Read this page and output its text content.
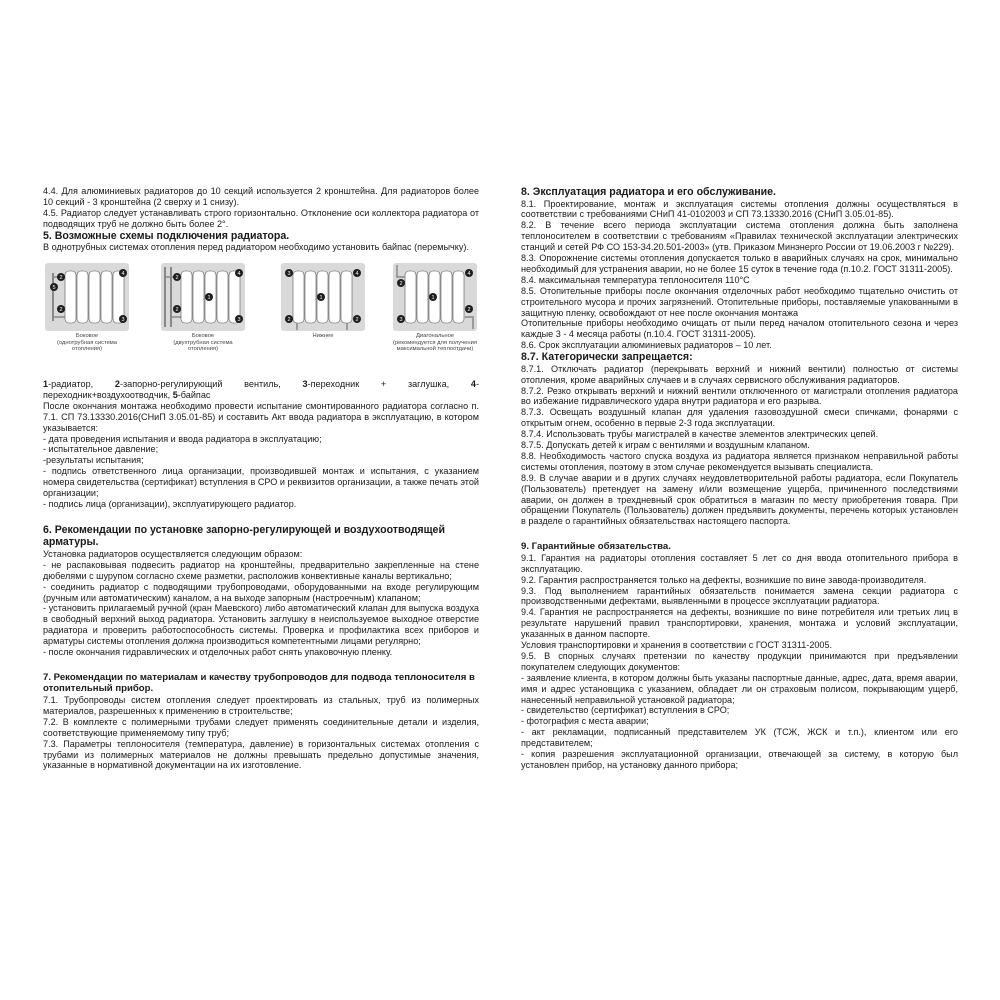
4.4. Для алюминиевых радиаторов до 10 секций используется 2 кронштейна. Для радиаторов более 10 секций - 3 кронштейна (2 сверху и 1 снизу).

4.5. Радиатор следует устанавливать строго горизонтально. Отклонение оси коллектора радиатора от подводящих труб не должно быть более 2°.

5. Возможные схемы подключения радиатора.

В однотрубных системах отопления перед радиатором необходимо установить байпас (перемычку).

5
2
2
4
3
Боковое
(однотрубная система отопления)
2
2
1
4
3
Боковое
(двухтрубная система отопления)
3	4
1
2	2
Нижнее
2
4
1
3
2
Диагональное
(рекомендуется для получения максимальной теплоотдачи)

1-радиатор, 2-запорно-регулирующий вентиль, 3-переходник + заглушка, 4-переходник+воздухоотводчик, 5-байпас

После окончания монтажа необходимо провести испытание смонтированного радиатора согласно п. 7.1. СП 73.13330.2016(СНиП 3.05.01-85) и составить Акт ввода радиатора в эксплуатацию, в котором указывается:

- дата проведения испытания и ввода радиатора в эксплуатацию;

- испытательное давление;

-результаты испытания;

- подпись ответственного лица организации, производившей монтаж и испытания, с указанием номера свидетельства (сертификат) вступления в СРО и реквизитов организации, а также печать этой организации;

- подпись лица (организации), эксплуатирующего радиатор.

6. Рекомендации по установке запорно-регулирующей и воздухоотводящей арматуры.

Установка радиаторов осуществляется следующим образом:

- не распаковывая подвесить радиатор на кронштейны, предварительно закрепленные на стене дюбелями с шурупом согласно схеме разметки, расположив конвективные каналы вертикально;

- соединить радиатор с подводящими трубопроводами, оборудованными на входе регулирующим (ручным или автоматическим) каналом, а на выходе запорным (настроечным) клапаном;

- установить прилагаемый ручной (кран Маевского) либо автоматический клапан для выпуска воздуха в свободный верхний выход радиатора. Установить заглушку в неиспользуемое выходное отверстие радиатора и проверить работоспособность системы. Проверка и профилактика всех приборов и арматуры системы отопления должна производиться компетентными лицами регулярно;

- после окончания гидравлических и отделочных работ снять упаковочную пленку.

7. Рекомендации по материалам и качеству трубопроводов для подвода теплоносителя в отопительный прибор.

7.1. Трубопроводы систем отопления следует проектировать из стальных, труб из полимерных материалов, разрешенных к применению в строительстве;

7.2. В комплекте с полимерными трубами следует применять соединительные детали и изделия, соответствующие применяемому типу труб;

7.3. Параметры теплоносителя (температура, давление) в горизонтальных системах отопления с трубами из полимерных материалов не должны превышать предельно допустимые значения, указанные в нормативной документации на их изготовление.

8. Эксплуатация радиатора и его обслуживание.

8.1. Проектирование, монтаж и эксплуатация системы отопления должны осуществляться в соответствии с требованиями СНиП 41-0102003 и СП 73.13330.2016 (СНиП 3.05.01-85).

8.2. В течение всего периода эксплуатации система отопления должна быть заполнена теплоносителем в соответствии с требованиям «Правилах технической эксплуатации электрических станций и сетей РФ СО 153-34.20.501-2003» (утв. Приказом Минэнерго России от 19.06.2003 г №229).

8.3. Опорожнение системы отопления допускается только в аварийных случаях на срок, минимально необходимый для устранения аварии, но не более 15 суток в течение года (п.10.2. ГОСТ 31311-2005).

8.4. максимальная температура теплоносителя 110°С

8.5. Отопительные приборы после окончания отделочных работ необходимо тщательно очистить от строительного мусора и прочих загрязнений. Отопительные приборы, поставляемые упакованными в защитную пленку, освобождают от нее после окончания монтажа

Отопительные приборы необходимо очищать от пыли перед началом отопительного сезона и через каждые 3 - 4 месяца работы (п.10.4. ГОСТ 31311-2005).

8.6. Срок эксплуатации алюминиевых радиаторов – 10 лет.

8.7. Категорически запрещается:

8.7.1. Отключать радиатор (перекрывать верхний и нижний вентили) полностью от системы отопления, кроме аварийных случаев и в случаях сервисного обслуживания радиаторов.

8.7.2. Резко открывать верхний и нижний вентили отключенного от магистрали отопления радиатора во избежание гидравлического удара внутри радиатора и его разрыва.

8.7.3. Освещать воздушный клапан для удаления газовоздушной смеси спичками, фонарями с открытым огнем, особенно в первые 2-3 года эксплуатации.

8.7.4. Использовать трубы магистралей в качестве элементов электрических цепей.

8.7.5. Допускать детей к играм с вентилями и воздушным клапаном.

8.8. Необходимость частого спуска воздуха из радиатора является признаком неправильной работы системы отопления, поэтому в этом случае рекомендуется вызывать специалиста.

8.9. В случае аварии и в других случаях неудовлетворительной работы радиатора, если Покупатель (Пользователь) претендует на замену и/или возмещение ущерба, причиненного последствиями аварии, он должен в трехдневный срок обратиться в магазин по месту приобретения товара. При обращении Покупатель (Пользователь) должен предъявить документы, перечень которых установлен в разделе о гарантийных обязательствах настоящего паспорта.

9. Гарантийные обязательства.

9.1. Гарантия на радиаторы отопления составляет 5 лет со дня ввода отопительного прибора в эксплуатацию.

9.2. Гарантия распространяется только на дефекты, возникшие по вине завода-производителя.

9.3. Под выполнением гарантийных обязательств понимается замена секции радиатора с производственными дефектами, выявленными в процессе эксплуатации радиатора.

9.4. Гарантия не распространяется на дефекты, возникшие по вине потребителя или третьих лиц в результате нарушений правил транспортировки, хранения, монтажа и условий эксплуатации, указанных в данном паспорте.

Условия транспортировки и хранения в соответствии с ГОСТ 31311-2005.

9.5. В спорных случаях претензии по качеству продукции принимаются при предъявлении покупателем следующих документов:

- заявление клиента, в котором должны быть указаны паспортные данные, адрес, дата, время аварии, имя и адрес установщика с указанием, обладает ли он страховым полисом, покрывающим ущерб, нанесенный неправильной установкой радиатора;

- свидетельство (сертификат) вступления в СРО;

- фотография с места аварии;

- акт рекламации, подписанный представителем УК (ТСЖ, ЖСК и т.п.), клиентом или его представителем;

- копия разрешения эксплуатационной организации, отвечающей за систему, в которую был установлен прибор, на установку данного прибора;
